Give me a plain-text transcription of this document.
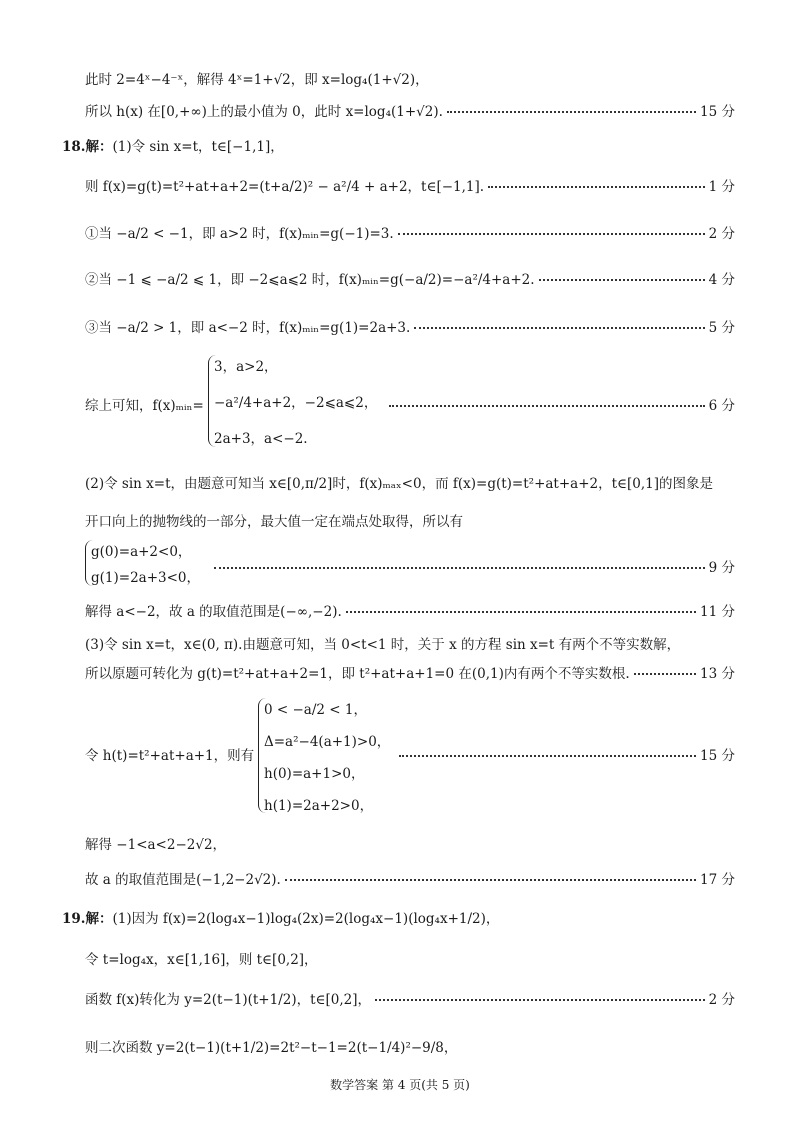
此时 2=4ˣ−4⁻ˣ，解得 4ˣ=1+√2，即 x=log₄(1+√2)，
所以 h(x) 在[0,+∞)上的最小值为 0，此时 x=log₄(1+√2).	15 分
18.解：(1)令 sin x=t，t∈[−1,1]，
则 f(x)=g(t)=t²+at+a+2=(t+a/2)² − a²/4 + a+2，t∈[−1,1].	1 分
①当 −a/2 < −1，即 a>2 时，f(x)ₘᵢₙ=g(−1)=3.	2 分
②当 −1 ⩽ −a/2 ⩽ 1，即 −2⩽a⩽2 时，f(x)ₘᵢₙ=g(−a/2)=−a²/4+a+2.	4 分
③当 −a/2 > 1，即 a<−2 时，f(x)ₘᵢₙ=g(1)=2a+3.	5 分
综上可知，f(x)ₘᵢₙ=
3，a>2，
−a²/4+a+2，−2⩽a⩽2，
2a+3，a<−2.
6 分
(2)令 sin x=t，由题意可知当 x∈[0,π/2]时，f(x)ₘₐₓ<0，而 f(x)=g(t)=t²+at+a+2，t∈[0,1]的图象是
开口向上的抛物线的一部分，最大值一定在端点处取得，所以有
g(0)=a+2<0，
g(1)=2a+3<0，
9 分
解得 a<−2，故 a 的取值范围是(−∞,−2).	11 分
(3)令 sin x=t，x∈(0, π).由题意可知，当 0<t<1 时，关于 x 的方程 sin x=t 有两个不等实数解，
所以原题可转化为 g(t)=t²+at+a+2=1，即 t²+at+a+1=0 在(0,1)内有两个不等实数根.	13 分
令 h(t)=t²+at+a+1，则有
0 < −a/2 < 1，
Δ=a²−4(a+1)>0，
h(0)=a+1>0，
h(1)=2a+2>0，
15 分
解得 −1<a<2−2√2，
故 a 的取值范围是(−1,2−2√2).	17 分
19.解：(1)因为 f(x)=2(log₄x−1)log₄(2x)=2(log₄x−1)(log₄x+1/2)，
令 t=log₄x，x∈[1,16]，则 t∈[0,2]，
函数 f(x)转化为 y=2(t−1)(t+1/2)，t∈[0,2]，	2 分
则二次函数 y=2(t−1)(t+1/2)=2t²−t−1=2(t−1/4)²−9/8，
数学答案 第 4 页(共 5 页)
